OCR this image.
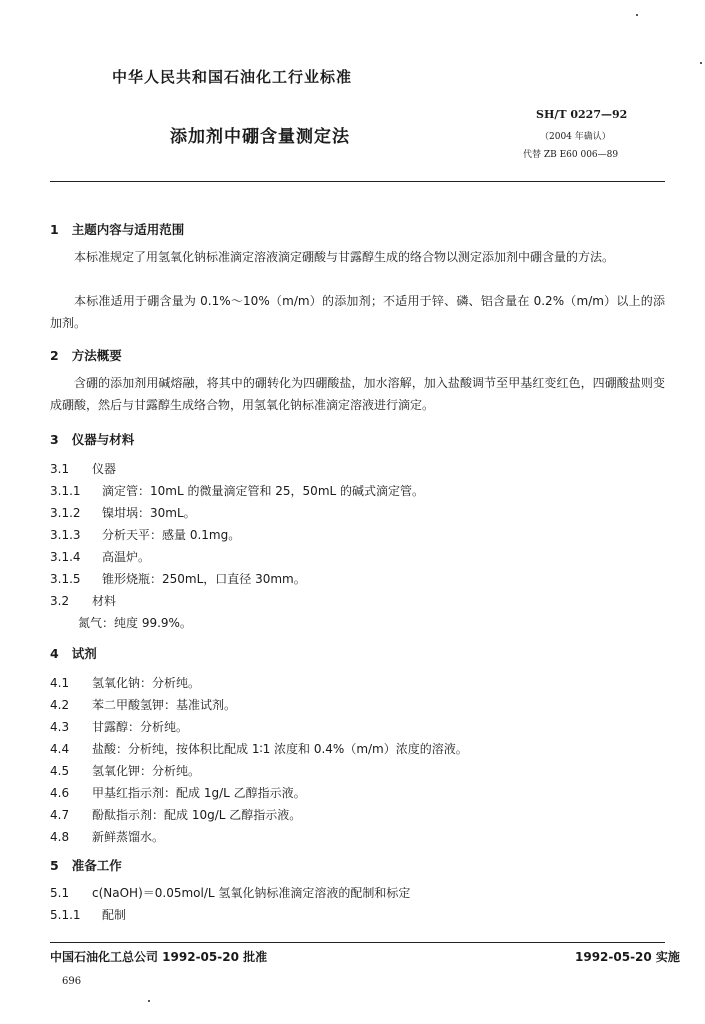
中华人民共和国石油化工行业标准
添加剂中硼含量测定法
SH/T 0227—92
（2004 年确认）
代替 ZB E60 006—89
1 主题内容与适用范围
本标准规定了用氢氧化钠标准滴定溶液滴定硼酸与甘露醇生成的络合物以测定添加剂中硼含量的方法。
本标准适用于硼含量为 0.1%～10%（m/m）的添加剂；不适用于锌、磷、铝含量在 0.2%（m/m）以上的添加剂。
2 方法概要
含硼的添加剂用碱熔融，将其中的硼转化为四硼酸盐，加水溶解，加入盐酸调节至甲基红变红色，四硼酸盐则变成硼酸，然后与甘露醇生成络合物，用氢氧化钠标准滴定溶液进行滴定。
3 仪器与材料
3.1 仪器
3.1.1 滴定管：10mL 的微量滴定管和 25，50mL 的碱式滴定管。
3.1.2 镍坩埚：30mL。
3.1.3 分析天平：感量 0.1mg。
3.1.4 高温炉。
3.1.5 锥形烧瓶：250mL，口直径 30mm。
3.2 材料
氮气：纯度 99.9%。
4 试剂
4.1 氢氧化钠：分析纯。
4.2 苯二甲酸氢钾：基准试剂。
4.3 甘露醇：分析纯。
4.4 盐酸：分析纯，按体积比配成 1∶1 浓度和 0.4%（m/m）浓度的溶液。
4.5 氢氧化钾：分析纯。
4.6 甲基红指示剂：配成 1g/L 乙醇指示液。
4.7 酚酞指示剂：配成 10g/L 乙醇指示液。
4.8 新鲜蒸馏水。
5 准备工作
5.1 c(NaOH)＝0.05mol/L 氢氧化钠标准滴定溶液的配制和标定
5.1.1 配制
中国石油化工总公司 1992-05-20 批准	1992-05-20 实施
696
